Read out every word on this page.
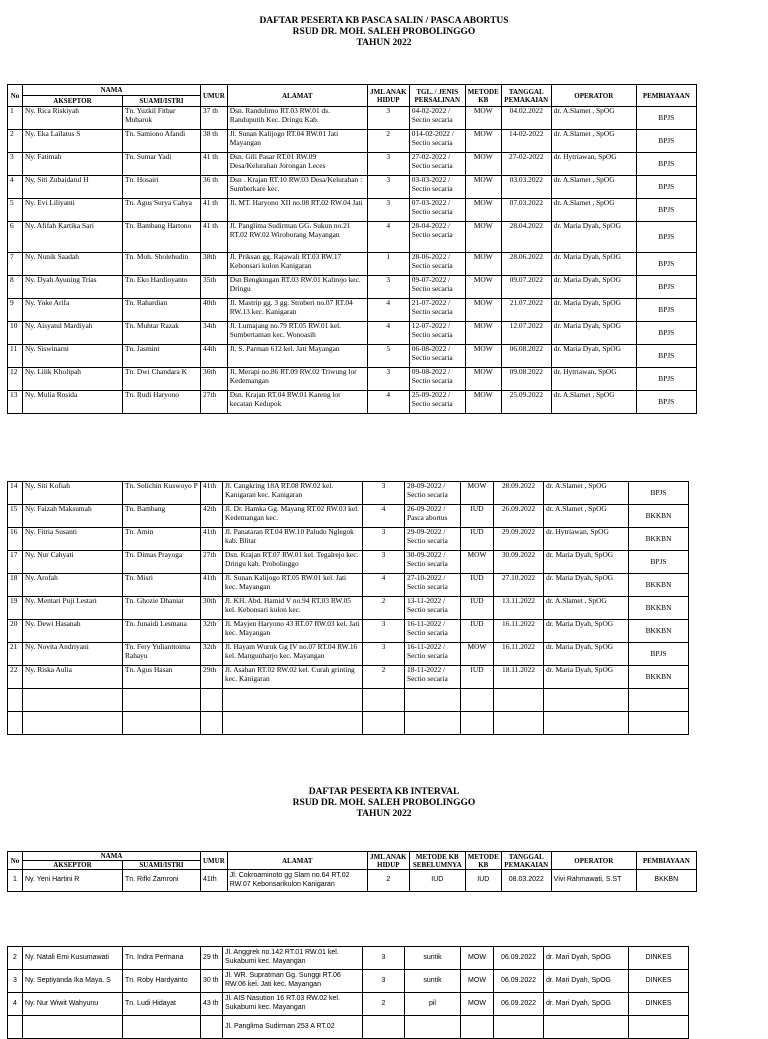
DAFTAR PESERTA KB PASCA SALIN / PASCA ABORTUS
RSUD DR. MOH. SALEH PROBOLINGGO
TAHUN 2022
No	NAMA		UMUR	ALAMAT	JML ANAK HIDUP	TGL. / JENIS PERSALINAN	METODE KB	TANGGAL PEMAKAIAN	OPERATOR	PEMBIAYAAN
	AKSEPTOR	SUAMI/ISTRI								
1	Ny. Rica Riskiyah	Tn. Yuzkil Fitbar Mubarok	37 th	Dsn. Randulimo RT.03 RW.01 ds. Randuputih Kec. Dringu Kab.	3	04-02-2022 / Sectio secaria	MOW	04.02.2022	dr. A.Slamet , SpOG	BPJS
2	Ny. Eka Lailatus S	Tn. Samiono Afandi	38 th	Jl. Sunan Kalijogo RT.04 RW.01 Jati Mayangan	2	014-02-2022 / Sectio secaria	MOW	14-02-2022	dr. A.Slamet , SpOG	BPJS
3	Ny. Fatimah	Tn. Sumar Yadi	41 th	Dsn. Gili Pasar RT.01 RW.09 Desa/Kelurahan Jorongan Leces	3	27-02-2022 / Sectio secaria	MOW	27-02-2022	dr. Hytriawan, SpOG	BPJS
4	Ny. Siti Zubaidatul H	Tn. Hosairi	36 th	Dsn . Krajan RT.10 RW.03 Desa/Kelurahan : Sumberkare kec.	3	03-03-2022 / Sectio secaria	MOW	03.03.2022	dr. A.Slamet , SpOG	BPJS
5	Ny. Evi Liliyanti	Tn. Agus Surya Cahya	41 th	Jl. MT. Haryono XII no.08 RT.02 RW.04 Jati	3	07-03-2022 / Sectio secaria	MOW	07.03.2022	dr. A.Slamet , SpOG	BPJS
6	Ny. Afifah Kartika Sari	Tn. Bambang Hartono	41 th	Jl. Panglima Sudirman GG. Sukun no.21 RT.02 RW.02 Wiroborang Mayangan	4	28-04-2022 / Sectio secaria	MOW	28.04.2022	dr. Maria Dyah, SpOG	BPJS
7	Ny. Nunik Saadah	Tn. Moh. Sholehudin	38th	Jl. Priksan gg. Rajawali RT.03 RW.17 Kebonsari kulon Kanigaran	1	28-06-2022 / Sectio secaria	MOW	28.06.2022	dr. Maria Dyah, SpOG	BPJS
8	Ny. Dyah Ayuning Trias	Tn. Eko Hardioyanto	35th	Dsn Bengkingan RT.03 RW.01 Kalirejo kec. Dringu	3	09-07-2022 / Sectio secaria	MOW	09.07.2022	dr. Maria Dyah, SpOG	BPJS
9	Ny. Yoke Arifa	Tn. Rahardian	40th	Jl. Mastrip gg. 3 gg. Stroberi no.07 RT.04 RW.13 kec. Kanigaran	4	21-07-2022 / Sectio secaria	MOW	21.07.2022	dr. Maria Dyah, SpOG	BPJS
10	Ny. Aisyatul Mardiyah	Tn. Muhtar Razak	34th	Jl. Lumajang no.79 RT.05 RW.01 kel. Sumbertaman kec. Wonoasih	4	12-07-2022 / Sectio secaria	MOW	12.07.2022	dr. Maria Dyah, SpOG	BPJS
11	Ny. Siswinarni	Tn. Jasmint	44th	Jl. S. Parman 612 kel. Jati Mayangan	5	06-08-2022 / Sectio secaria	MOW	06.08.2022	dr. Maria Dyah, SpOG	BPJS
12	Ny. Lilik Kholipah	Tn. Dwi Chandara K	36th	Jl. Merapi no.86 RT.09 RW.02 Triwung lor Kedemangan	3	09-08-2022 / Sectio secaria	MOW	09.08.2022	dr. Hytriawan, SpOG	BPJS
13	Ny. Mulia Rosida	Tn. Rudi Haryono	27th	Dsn. Krajan RT.04 RW.01 Kareng lor kecatan Kedupok	4	25-09-2022 / Sectio secaria	MOW	25.09.2022	dr. A.Slamet , SpOG	BPJS
14	Ny. Siti Kofiah	Tn. Solichin Kuswoyo P	41th	Jl. Cangkring 18A RT.08 RW.02 kel. Kanigaran kec. Kanigaran	3	28-09-2022 / Sectio secaria	MOW	28.09.2022	dr. A.Slamet , SpOG	BPJS
15	Ny. Faizah Maksumah	Tn. Bambang	42th	Jl. Dr. Hamka Gg. Mayang RT.02 RW.03 kel. Kedemangan kec.	4	26-09-2022 / Pasca abortus	IUD	26.09.2022	dr. A.Slamet , SpOG	BKKBN
16	Ny. Fitria Susanti	Tn. Amin	41th	Jl. Panataran RT.04 RW.10 Paludo Nglegok kab. Blitar	3	29-09-2022 / Sectio secaria	IUD	29.09.2022	dr. Hytriawan, SpOG	BKKBN
17	Ny. Nur Cahyati	Tn. Dimas Prayoga	27th	Dsn. Krajan RT.07 RW.01 kel. Tegalrejo kec. Dringu kab. Probolinggo	3	30-09-2022 / Sectio secaria	MOW	30.09.2022	dr. Maria Dyah, SpOG	BPJS
18	Ny. Arofah	Tn. Misri	41th	Jl. Sunan Kalijogo RT.05 RW.01 kel. Jati kec. Mayangan	4	27-10-2022 / Sectio secaria	IUD	27.10.2022	dr. Maria Dyah, SpOG	BKKBN
19	Ny. Mentari Puji Lestari	Tn. Ghozie Dhaniar	30th	Jl. KH. Abd. Hamid V no.94 RT.03 RW.05 kel. Kebonsari kulon kec.	2	13-11-2022 / Sectio secaria	IUD	13.11.2022	dr. A.Slamet , SpOG	BKKBN
20	Ny. Dewi Hasanah	Tn. Junaidi Lesmana	32th	Jl. Mayjen Haryono 43 RT.07 RW.03 kel. Jati kec. Mayangan	3	16-11-2022 / Sectio secaria	IUD	16.11.2022	dr. Maria Dyah, SpOG	BKKBN
21	Ny. Novita Andriyani	Tn. Fery Yulianttoima Rahayu	32th	Jl. Hayam Wuruk Gg IV no.07 RT.04 RW.16 kel. Mangunharjo kec. Mayangan	3	16-11-2022 / Sectio secaria	MOW	16.11.2022	dr. Maria Dyah, SpOG	BPJS
22	Ny. Riska Aulia	Tn. Agus Hasan	29th	Jl. Asahan RT.02 RW.02 kel. Curah grinting kec. Kanigaran	2	18-11-2022 / Sectio secaria	IUD	18.11.2022	dr. Maria Dyah, SpOG	BKKBN

DAFTAR PESERTA KB INTERVAL
RSUD DR. MOH. SALEH PROBOLINGGO
TAHUN 2022
No	NAMA		UMUR	ALAMAT	JML ANAK HIDUP	METODE KB SEBELUMNYA	METODE KB	TANGGAL PEMAKAIAN	OPERATOR	PEMBIAYAAN
	AKSEPTOR	SUAMI/ISTRI								
1	Ny. Yeni Hartini R	Tn. Rifki Zamroni	41th	Jl. Cokroaminoto gg Slam no.64 RT.02 RW.07 Kebonsarikulon Kanigaran	2	IUD	IUD	08.03.2022	Vivi Rahmawati, S.ST	BKKBN
2	Ny. Natali Emi Kusumawati	Tn. Indra Permana	29 th	Jl. Anggrek no.142 RT.01 RW.01 kel. Sukabumi kec. Mayangan	3	suntik	MOW	06.09.2022	dr. Mari Dyah, SpOG	DINKES
3	Ny. Septiyanda Ika Maya. S	Tn. Roby Hardyanto	30 th	Jl. WR. Supratman Gg. Sunggi RT.06 RW.06 kel. Jati kec. Mayangan	3	suntik	MOW	06.09.2022	dr. Mari Dyah, SpOG	DINKES
4	Ny. Nur Wiwit Wahyunu	Tn. Ludi Hidayat	43 th	Jl. AIS Nasution 16 RT.03 RW.02 kel. Sukabumi kec. Mayangan	2	pil	MOW	06.09.2022	dr. Mari Dyah, SpOG	DINKES
				Jl. Panglima Sudirman 253 A RT.02						
